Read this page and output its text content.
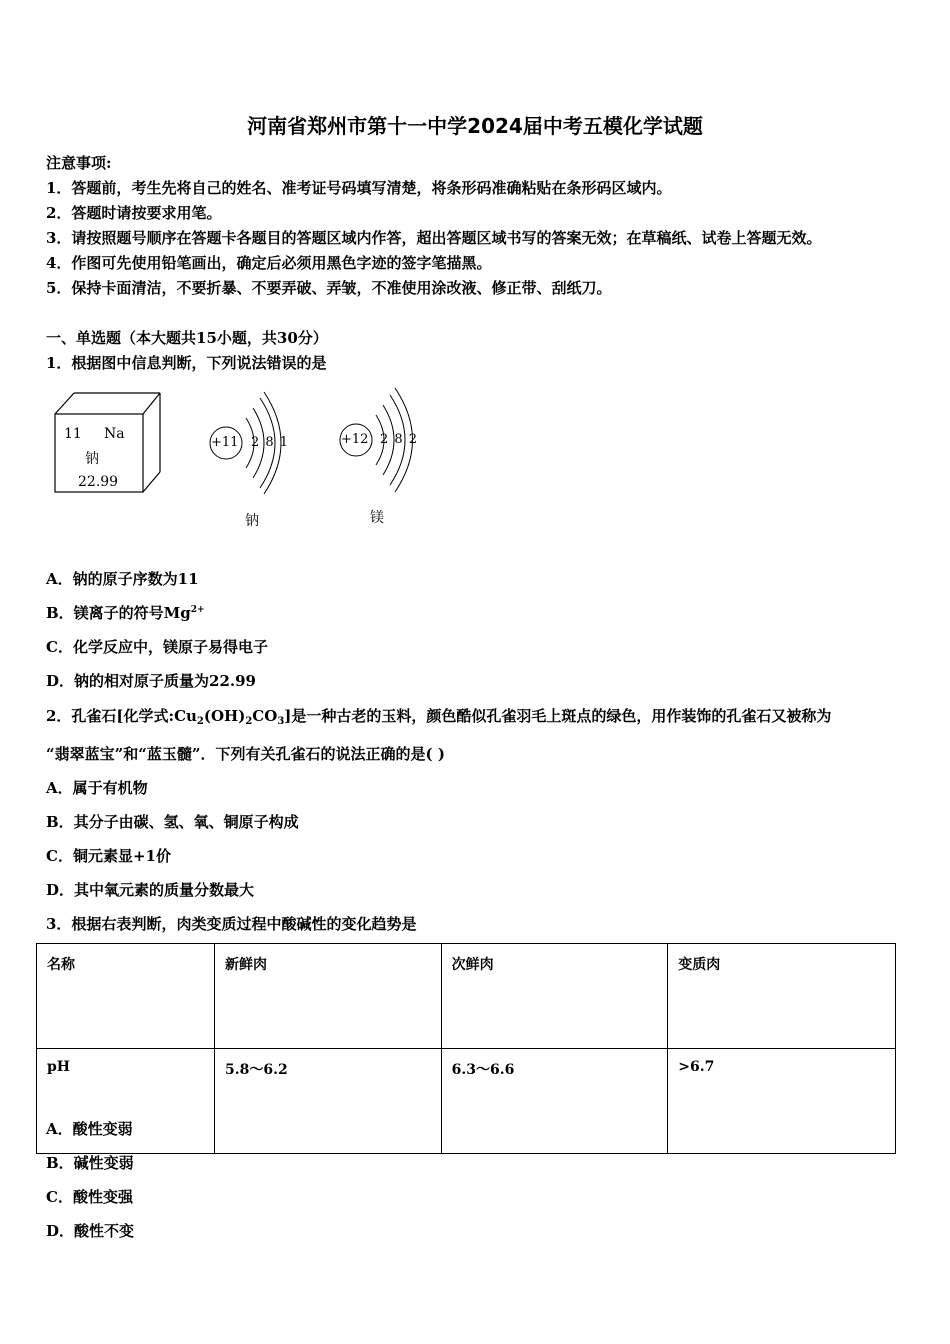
河南省郑州市第十一中学2024届中考五模化学试题
注意事项:
1．答题前，考生先将自己的姓名、准考证号码填写清楚，将条形码准确粘贴在条形码区域内。
2．答题时请按要求用笔。
3．请按照题号顺序在答题卡各题目的答题区域内作答，超出答题区域书写的答案无效；在草稿纸、试卷上答题无效。
4．作图可先使用铅笔画出，确定后必须用黑色字迹的签字笔描黑。
5．保持卡面清洁，不要折暴、不要弄破、弄皱，不准使用涂改液、修正带、刮纸刀。
一、单选题（本大题共15小题，共30分）
1．根据图中信息判断，下列说法错误的是
11 Na
钠
22.99
+11 2 8 1
钠
+12 2 8 2
镁
A．钠的原子序数为11
B．镁离子的符号$Mg^{2+}$
C．化学反应中，镁原子易得电子
D．钠的相对原子质量为22.99
2．孔雀石[化学式$:Cu_2(OH)_2CO_3$]是一种古老的玉料，颜色酷似孔雀羽毛上斑点的绿色，用作装饰的孔雀石又被称为
“翡翠蓝宝”和“蓝玉髓”．下列有关孔雀石的说法正确的是( )
A．属于有机物
B．其分子由碳、氢、氧、铜原子构成
C．铜元素显+1价
D．其中氧元素的质量分数最大
3．根据右表判断，肉类变质过程中酸碱性的变化趋势是
名称	新鲜肉	次鲜肉	变质肉
pH	5.8～6.2	6.3～6.6	>6.7
A．酸性变弱
B．碱性变弱
C．酸性变强
D．酸性不变
